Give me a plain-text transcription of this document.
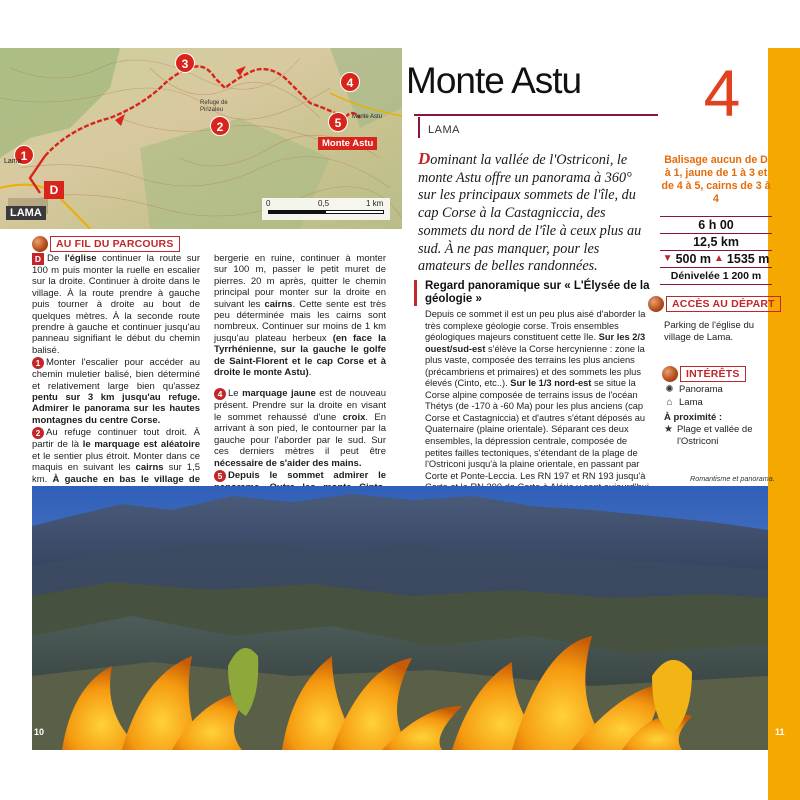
1
2
3
4
5
D
LAMA
Monte Astu
Refuge de Pinzaleu
Lama
Monte Astu
0	0,5	1 km
Monte Astu
LAMA	4

Dominant la vallée de l'Ostriconi, le monte Astu offre un panorama à 360° sur les principaux sommets de l'île, du cap Corse à la Castagniccia, des sommets du nord de l'île à ceux plus au sud. À ne pas manquer, pour les amateurs de belles randonnées.

Balisage aucun de D à 1, jaune de 1 à 3 et de 4 à 5, cairns de 3 à 4
6 h 00
12,5 km
▼ 500 m ▲ 1535 m
Dénivelée 1 200 m
AU FIL DU PARCOURS
ACCÈS AU DÉPART
INTÉRÊTS

D De l'église continuer la route sur 100 m puis monter la ruelle en escalier sur la droite. Continuer à droite dans le village. À la route prendre à gauche puis tourner à droite au bout de quelques mètres. À la seconde route prendre à gauche et continuer jusqu'au panneau signifiant le début du chemin balisé.

1 Monter l'escalier pour accéder au chemin muletier balisé, bien déterminé et relativement large bien qu'assez pentu sur 3 km jusqu'au refuge. Admirer le panorama sur les hautes montagnes du centre Corse.

2 Au refuge continuer tout droit. À partir de là le marquage est aléatoire et le sentier plus étroit. Monter dans ce maquis en suivant les cairns sur 1,5 km. À gauche en bas le village de

bergerie en ruine, continuer à monter sur 100 m, passer le petit muret de pierres. 20 m après, quitter le chemin principal pour monter sur la droite en suivant les cairns. Cette sente est très peu déterminée mais les cairns sont nombreux. Continuer sur moins de 1 km jusqu'au plateau herbeux (en face la Tyrrhénienne, sur la gauche le golfe de Saint-Florent et le cap Corse et à droite le monte Astu).

4 Le marquage jaune est de nouveau présent. Prendre sur la droite en visant le sommet rehaussé d'une croix. En arrivant à son pied, le contourner par la gauche pour l'aborder par le sud. Sur ces derniers mètres il peut être nécessaire de s'aider des mains.

5 Depuis le sommet admirer le

Regard panoramique sur « L'Élysée de la géologie »

Depuis ce sommet il est un peu plus aisé d'aborder la très complexe géologie corse. Trois ensembles géologiques majeurs constituent cette île. Sur les 2/3 ouest/sud-est s'élève la Corse hercynienne : zone la plus vaste, composée des terrains les plus anciens (précambriens et primaires) et des sommets les plus élevés (Cinto, etc..). Sur le 1/3 nord-est se situe la Corse alpine composée de terrains issus de l'océan Thétys (de -170 à -60 Ma) pour les plus anciens (cap Corse et Castagniccia) et d'autres s'étant déposés au Quaternaire (plaine orientale). Séparant ces deux ensembles, la dépression centrale, composée de petites failles tectoniques, s'étendant de la plage de l'Ostriconi jusqu'à la plaine orientale, en passant par Corte et Ponte-Leccia. Les RN 197 et RN 193 jusqu'à

Parking de l'église du village de Lama.
✺ Panorama
⌂ Lama
À proximité :
★ Plage et vallée de l'Ostriconi
Romantisme et panorama.
10	11
